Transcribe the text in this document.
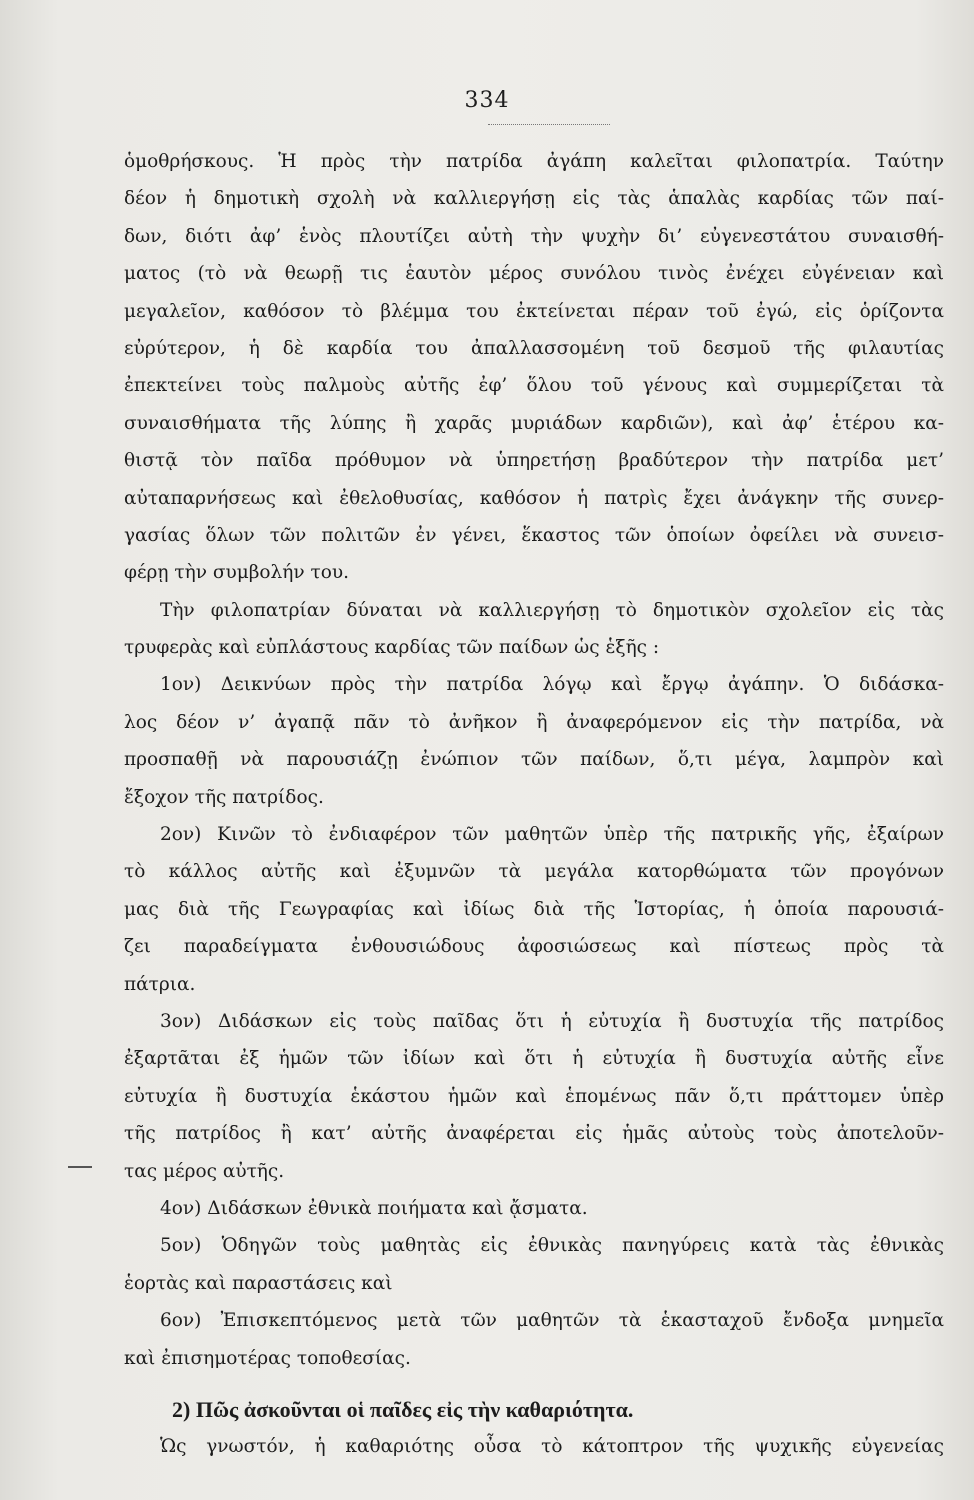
334
ὁμοθρήσκους. Ἡ πρὸς τὴν πατρίδα ἀγάπη καλεῖται φιλοπατρία. Ταύτην
δέον ἡ δημοτικὴ σχολὴ νὰ καλλιεργήσῃ εἰς τὰς ἁπαλὰς καρδίας τῶν παί-
δων, διότι ἀφ’ ἑνὸς πλουτίζει αὐτὴ τὴν ψυχὴν δι’ εὐγενεστάτου συναισθή-
ματος (τὸ νὰ θεωρῇ τις ἑαυτὸν μέρος συνόλου τινὸς ἐνέχει εὐγένειαν καὶ
μεγαλεῖον, καθόσον τὸ βλέμμα του ἐκτείνεται πέραν τοῦ ἐγώ, εἰς ὁρίζοντα
εὐρύτερον, ἡ δὲ καρδία του ἀπαλλασσομένη τοῦ δεσμοῦ τῆς φιλαυτίας
ἐπεκτείνει τοὺς παλμοὺς αὐτῆς ἐφ’ ὅλου τοῦ γένους καὶ συμμερίζεται τὰ
συναισθήματα τῆς λύπης ἢ χαρᾶς μυριάδων καρδιῶν), καὶ ἀφ’ ἑτέρου κα-
θιστᾷ τὸν παῖδα πρόθυμον νὰ ὑπηρετήσῃ βραδύτερον τὴν πατρίδα μετ’
αὐταπαρνήσεως καὶ ἐθελοθυσίας, καθόσον ἡ πατρὶς ἔχει ἀνάγκην τῆς συνερ-
γασίας ὅλων τῶν πολιτῶν ἐν γένει, ἕκαστος τῶν ὁποίων ὀφείλει νὰ συνεισ-
φέρῃ τὴν συμβολήν του.
Τὴν φιλοπατρίαν δύναται νὰ καλλιεργήσῃ τὸ δημοτικὸν σχολεῖον εἰς τὰς
τρυφερὰς καὶ εὐπλάστους καρδίας τῶν παίδων ὡς ἑξῆς :
1ον) Δεικνύων πρὸς τὴν πατρίδα λόγῳ καὶ ἔργῳ ἀγάπην. Ὁ διδάσκα-
λος δέον ν’ ἀγαπᾷ πᾶν τὸ ἀνῆκον ἢ ἀναφερόμενον εἰς τὴν πατρίδα, νὰ
προσπαθῇ νὰ παρουσιάζῃ ἐνώπιον τῶν παίδων, ὅ,τι μέγα, λαμπρὸν καὶ
ἔξοχον τῆς πατρίδος.
2ον) Κινῶν τὸ ἐνδιαφέρον τῶν μαθητῶν ὑπὲρ τῆς πατρικῆς γῆς, ἐξαίρων
τὸ κάλλος αὐτῆς καὶ ἐξυμνῶν τὰ μεγάλα κατορθώματα τῶν προγόνων
μας διὰ τῆς Γεωγραφίας καὶ ἰδίως διὰ τῆς Ἱστορίας, ἡ ὁποία παρουσιά-
ζει παραδείγματα ἐνθουσιώδους ἀφοσιώσεως καὶ πίστεως πρὸς τὰ
πάτρια.
3ον) Διδάσκων εἰς τοὺς παῖδας ὅτι ἡ εὐτυχία ἢ δυστυχία τῆς πατρίδος
ἐξαρτᾶται ἐξ ἡμῶν τῶν ἰδίων καὶ ὅτι ἡ εὐτυχία ἢ δυστυχία αὐτῆς εἶνε
εὐτυχία ἢ δυστυχία ἑκάστου ἡμῶν καὶ ἑπομένως πᾶν ὅ,τι πράττομεν ὑπὲρ
τῆς πατρίδος ἢ κατ’ αὐτῆς ἀναφέρεται εἰς ἡμᾶς αὐτοὺς τοὺς ἀποτελοῦν-
τας μέρος αὐτῆς.
4ον) Διδάσκων ἐθνικὰ ποιήματα καὶ ᾄσματα.
5ον) Ὁδηγῶν τοὺς μαθητὰς εἰς ἐθνικὰς πανηγύρεις κατὰ τὰς ἐθνικὰς
ἑορτὰς καὶ παραστάσεις καὶ
6ον) Ἐπισκεπτόμενος μετὰ τῶν μαθητῶν τὰ ἑκασταχοῦ ἔνδοξα μνημεῖα
καὶ ἐπισημοτέρας τοποθεσίας.
2) Πῶς ἀσκοῦνται οἱ παῖδες εἰς τὴν καθαριότητα.
Ὡς γνωστόν, ἡ καθαριότης οὖσα τὸ κάτοπτρον τῆς ψυχικῆς εὐγενείας
